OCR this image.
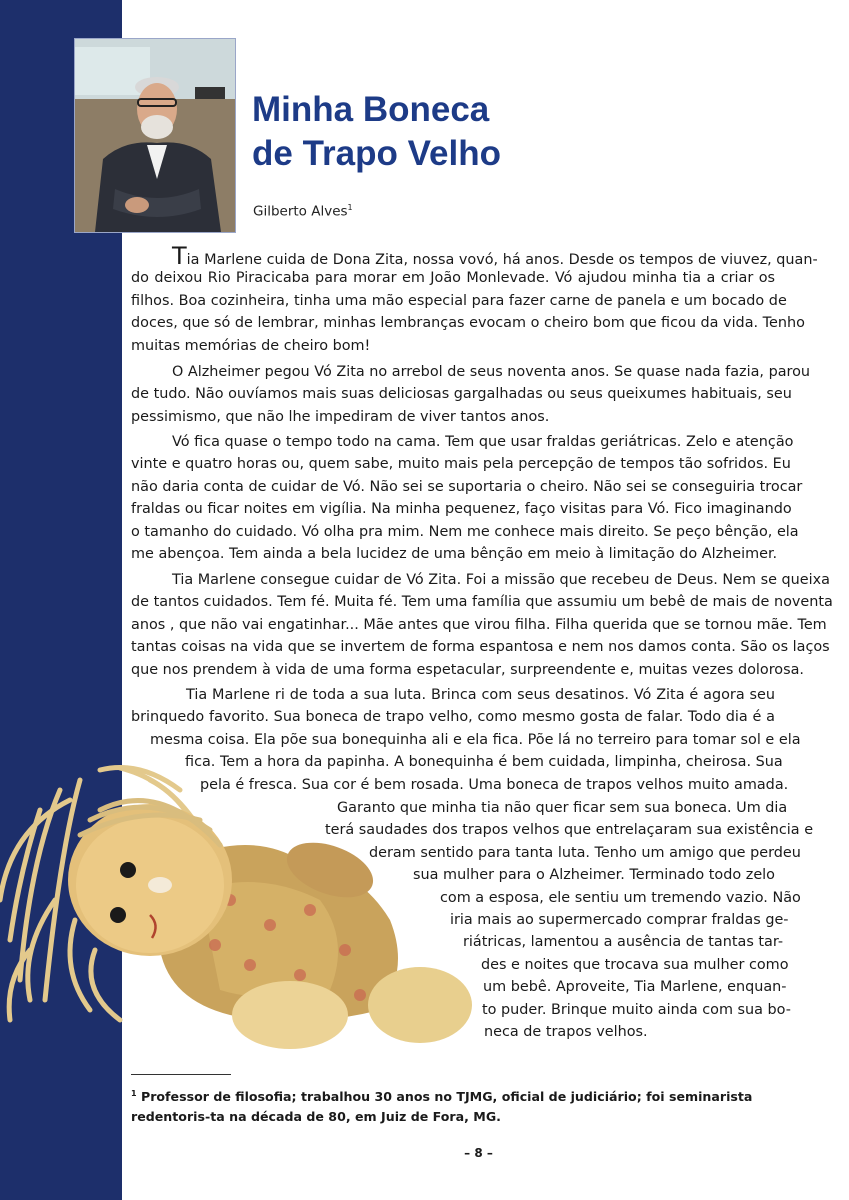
Minha Boneca
de Trapo Velho
Gilberto Alves$^1$
Tia Marlene cuida de Dona Zita, nossa vovó, há anos. Desde os tempos de viuvez, quan-
do deixou Rio Piracicaba para morar em João Monlevade. Vó ajudou minha tia a criar os
filhos. Boa cozinheira, tinha uma mão especial para fazer carne de panela e um bocado de
doces, que só de lembrar, minhas lembranças evocam o cheiro bom que ficou da vida. Tenho
muitas memórias de cheiro bom!
O Alzheimer pegou Vó Zita no arrebol de seus noventa anos. Se quase nada fazia, parou
de tudo. Não ouvíamos mais suas deliciosas gargalhadas ou seus queixumes habituais, seu
pessimismo, que não lhe impediram de viver tantos anos.
Vó fica quase o tempo todo na cama. Tem que usar fraldas geriátricas. Zelo e atenção
vinte e quatro horas ou, quem sabe, muito mais pela percepção de tempos tão sofridos. Eu
não daria conta de cuidar de Vó. Não sei se suportaria o cheiro. Não sei se conseguiria trocar
fraldas ou ficar noites em vigília. Na minha pequenez, faço visitas para Vó. Fico imaginando
o tamanho do cuidado. Vó olha pra mim. Nem me conhece mais direito. Se peço bênção, ela
me abençoa. Tem ainda a bela lucidez de uma bênção em meio à limitação do Alzheimer.
Tia Marlene consegue cuidar de Vó Zita. Foi a missão que recebeu de Deus. Nem se queixa
de tantos cuidados. Tem fé. Muita fé. Tem uma família que assumiu um bebê de mais de noventa
anos , que não vai engatinhar... Mãe antes que virou filha. Filha querida que se tornou mãe. Tem
tantas coisas na vida que se invertem de forma espantosa e nem nos damos conta. São os laços
que nos prendem à vida de uma forma espetacular, surpreendente e, muitas vezes dolorosa.
Tia Marlene ri de toda a sua luta. Brinca com seus desatinos. Vó Zita é agora seu
brinquedo favorito. Sua boneca de trapo velho, como mesmo gosta de falar. Todo dia é a
mesma coisa. Ela põe sua bonequinha ali e ela fica. Põe lá no terreiro para tomar sol e ela
fica. Tem a hora da papinha. A bonequinha é bem cuidada, limpinha, cheirosa. Sua
pela é fresca. Sua cor é bem rosada. Uma boneca de trapos velhos muito amada.
Garanto que minha tia não quer ficar sem sua boneca. Um dia
terá saudades dos trapos velhos que entrelaçaram sua existência e
deram sentido para tanta luta. Tenho um amigo que perdeu
sua mulher para o Alzheimer. Terminado todo zelo
com a esposa, ele sentiu um tremendo vazio. Não
iria mais ao supermercado comprar fraldas ge-
riátricas, lamentou a ausência de tantas tar-
des e noites que trocava sua mulher como
um bebê. Aproveite, Tia Marlene, enquan-
to puder. Brinque muito ainda com sua bo-
neca de trapos velhos.
$^1$ Professor de filosofia; trabalhou 30 anos no TJMG, oficial de judiciário; foi seminarista redentoris-ta na década de 80, em Juiz de Fora, MG.
– 8 –
